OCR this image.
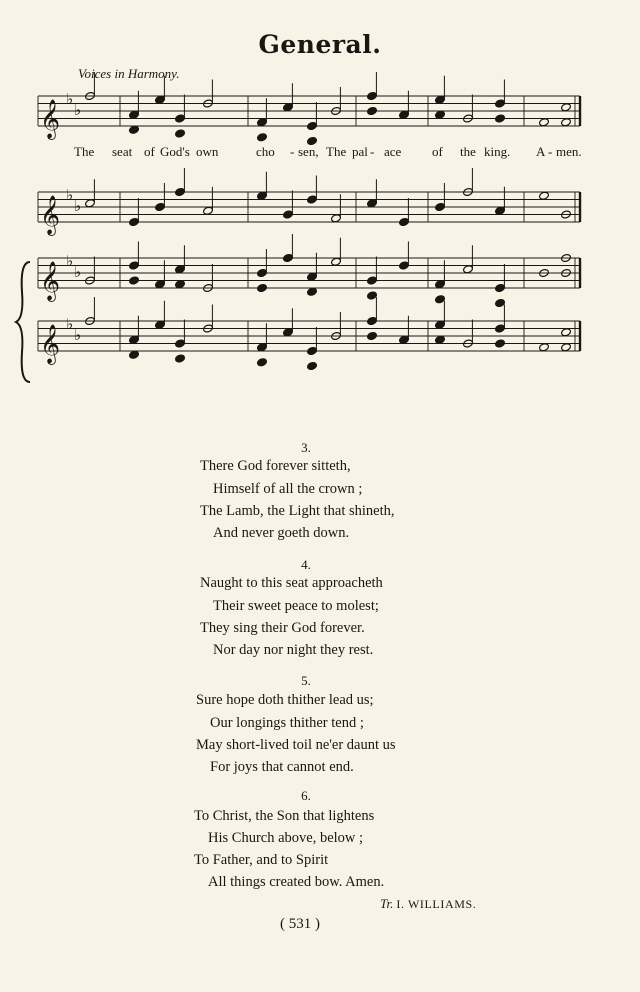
General.
Voices in Harmony.
𝄞 ♭
♭
𝄞 ♭
♭
𝄞 ♭
♭
𝄞 ♭
♭
The seat of God's own	cho - sen, The pal - ace of the king. A - men.
3.
There God forever sitteth,
Himself of all the crown ;
The Lamb, the Light that shineth,
And never goeth down.
4.
Naught to this seat approacheth
Their sweet peace to molest;
They sing their God forever.
Nor day nor night they rest.
5.
Sure hope doth thither lead us;
Our longings thither tend ;
May short-lived toil ne'er daunt us
For joys that cannot end.
6.
To Christ, the Son that lightens
His Church above, below ;
To Father, and to Spirit
All things created bow. Amen.
Tr. I. WILLIAMS.
( 531 )
